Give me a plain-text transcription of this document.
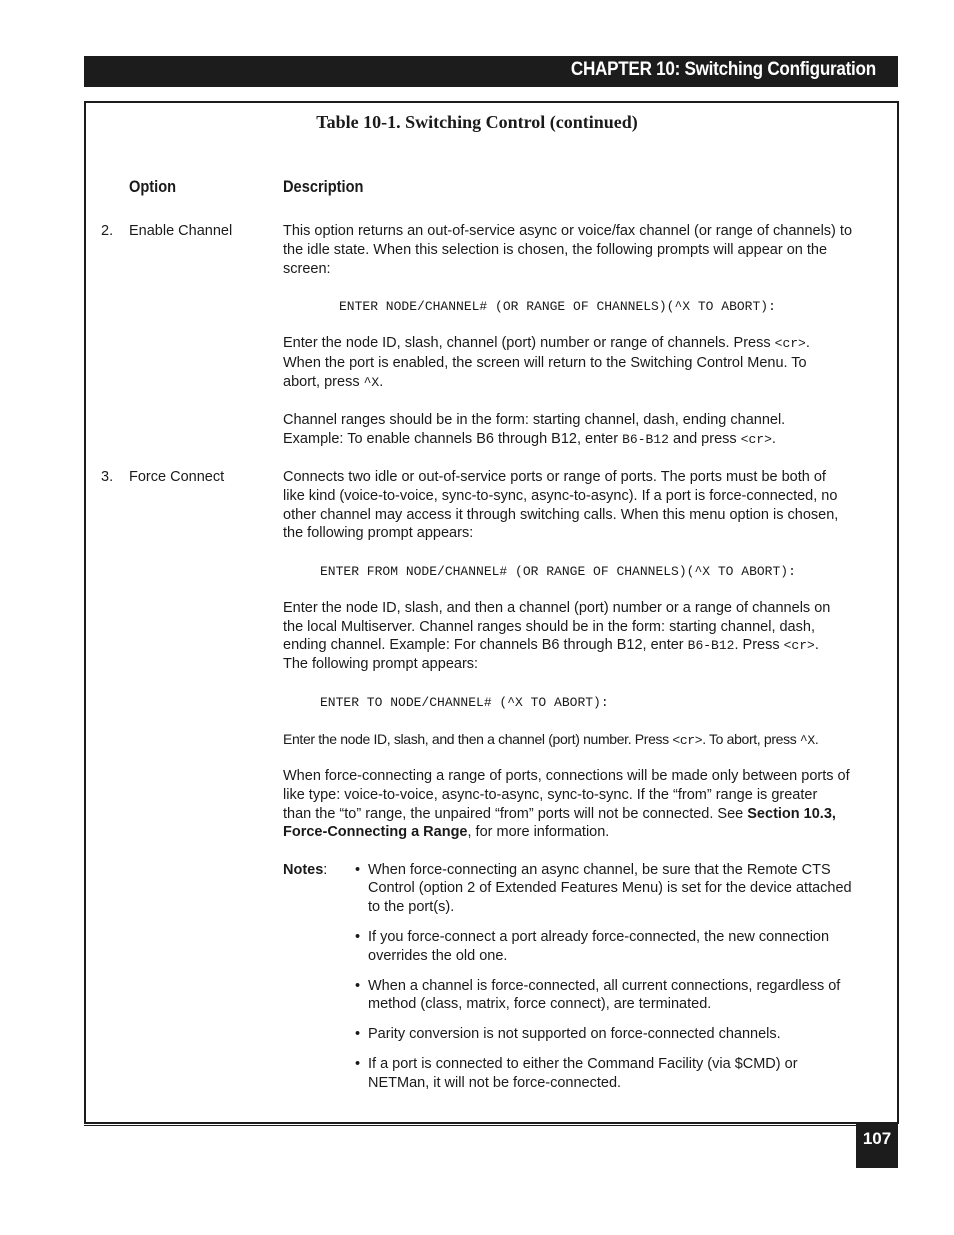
CHAPTER 10: Switching Configuration
Table 10-1. Switching Control (continued)
Option	Description
2. Enable Channel	This option returns an out-of-service async or voice/fax channel (or range of channels) to
the idle state. When this selection is chosen, the following prompts will appear on the
screen:
ENTER NODE/CHANNEL# (OR RANGE OF CHANNELS)(^X TO ABORT):
Enter the node ID, slash, channel (port) number or range of channels. Press <cr>.
When the port is enabled, the screen will return to the Switching Control Menu. To
abort, press ^X.
Channel ranges should be in the form: starting channel, dash, ending channel.
Example: To enable channels B6 through B12, enter B6-B12 and press <cr>.
3. Force Connect	Connects two idle or out-of-service ports or range of ports. The ports must be both of
like kind (voice-to-voice, sync-to-sync, async-to-async). If a port is force-connected, no
other channel may access it through switching calls. When this menu option is chosen,
the following prompt appears:
ENTER FROM NODE/CHANNEL# (OR RANGE OF CHANNELS)(^X TO ABORT):
Enter the node ID, slash, and then a channel (port) number or a range of channels on
the local Multiserver. Channel ranges should be in the form: starting channel, dash,
ending channel. Example: For channels B6 through B12, enter B6-B12. Press <cr>.
The following prompt appears:
ENTER TO NODE/CHANNEL# (^X TO ABORT):
Enter the node ID, slash, and then a channel (port) number. Press <cr>. To abort, press ^X.
When force-connecting a range of ports, connections will be made only between ports of
like type: voice-to-voice, async-to-async, sync-to-sync. If the “from” range is greater
than the “to” range, the unpaired “from” ports will not be connected. See Section 10.3,
Force-Connecting a Range, for more information.
Notes: • When force-connecting an async channel, be sure that the Remote CTS
Control (option 2 of Extended Features Menu) is set for the device attached
to the port(s).
• If you force-connect a port already force-connected, the new connection
overrides the old one.
• When a channel is force-connected, all current connections, regardless of
method (class, matrix, force connect), are terminated.
• Parity conversion is not supported on force-connected channels.
• If a port is connected to either the Command Facility (via $CMD) or
NETMan, it will not be force-connected.
107
